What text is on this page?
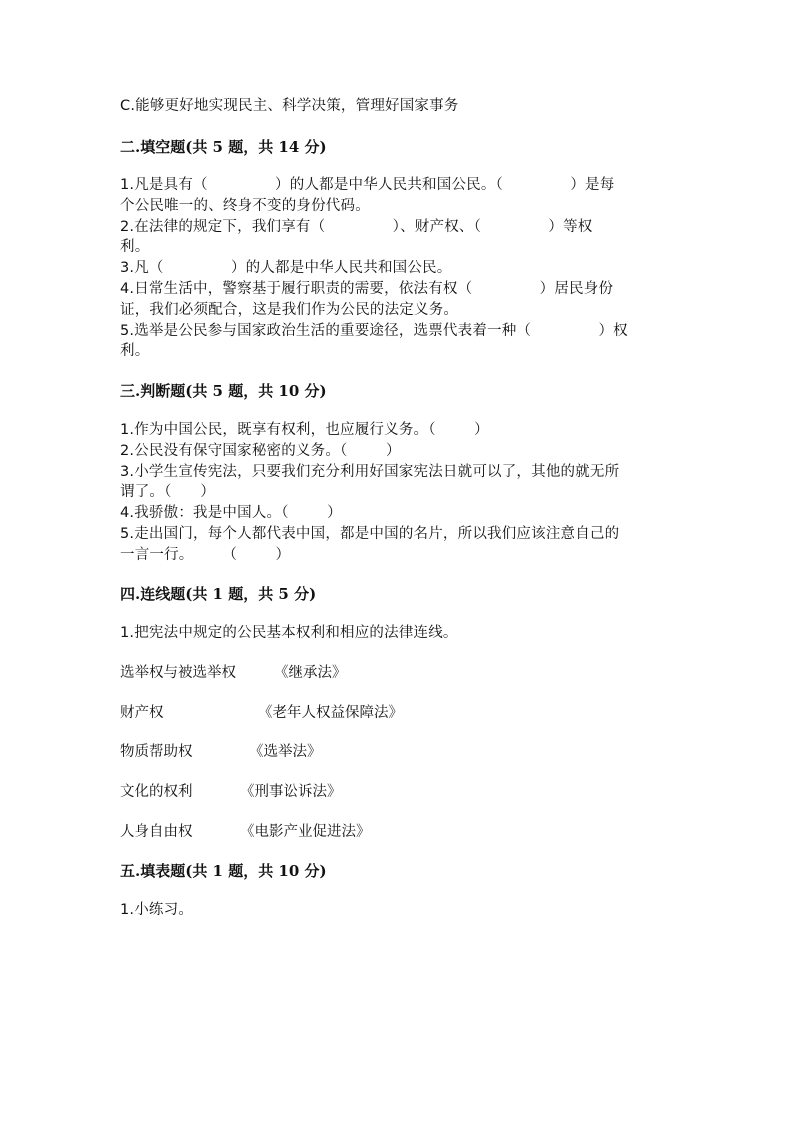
C.能够更好地实现民主、科学决策，管理好国家事务
二.填空题(共 5 题，共 14 分)
1.凡是具有（              ）的人都是中华人民共和国公民。（              ）是每
个公民唯一的、终身不变的身份代码。
2.在法律的规定下，我们享有（              ）、财产权、（              ）等权
利。
3.凡（              ）的人都是中华人民共和国公民。
4.日常生活中，警察基于履行职责的需要，依法有权（              ）居民身份
证，我们必须配合，这是我们作为公民的法定义务。
5.选举是公民参与国家政治生活的重要途径，选票代表着一种（              ）权
利。
三.判断题(共 5 题，共 10 分)
1.作为中国公民，既享有权利，也应履行义务。（        ）
2.公民没有保守国家秘密的义务。（        ）
3.小学生宣传宪法，只要我们充分利用好国家宪法日就可以了，其他的就无所
谓了。（      ）
4.我骄傲：我是中国人。（        ）
5.走出国门，每个人都代表中国，都是中国的名片，所以我们应该注意自己的
一言一行。      （        ）
四.连线题(共 1 题，共 5 分)
1.把宪法中规定的公民基本权利和相应的法律连线。
选举权与被选举权	《继承法》
财产权	《老年人权益保障法》
物质帮助权	《选举法》
文化的权利	《刑事讼诉法》
人身自由权	《电影产业促进法》
五.填表题(共 1 题，共 10 分)
1.小练习。
